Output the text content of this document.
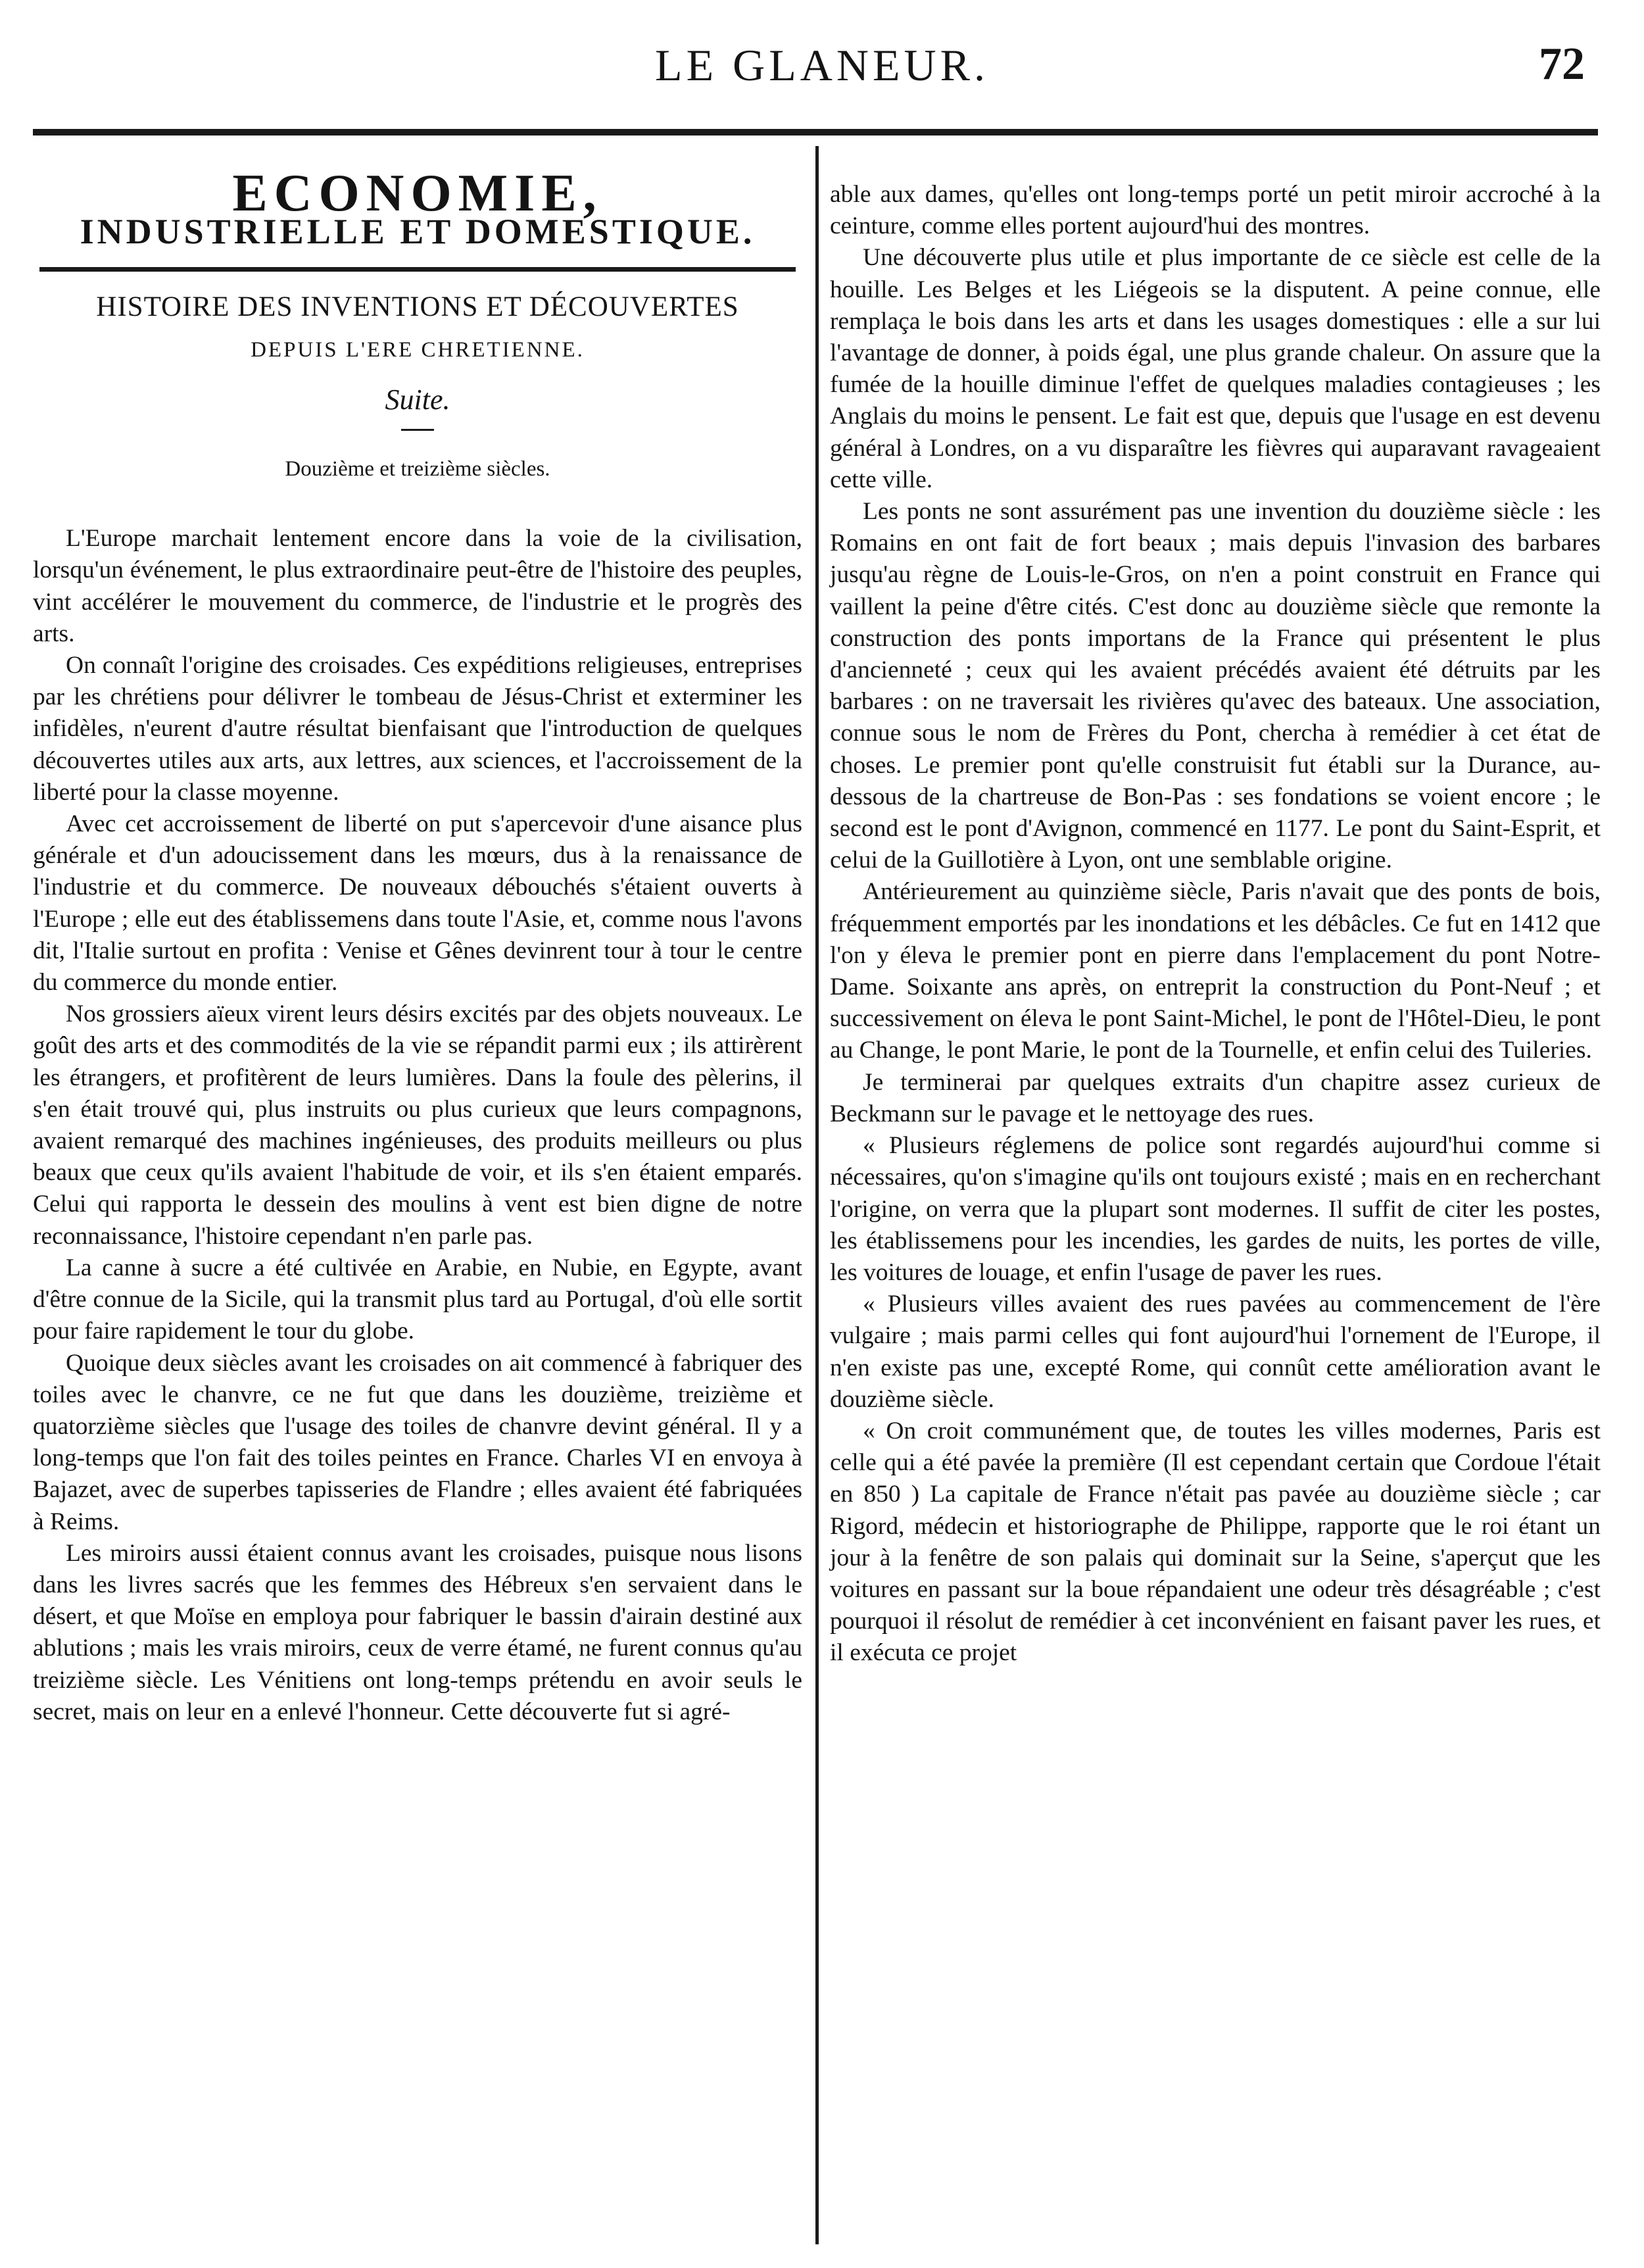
LE GLANEUR.	72
ECONOMIE,
INDUSTRIELLE ET DOMESTIQUE.
HISTOIRE DES INVENTIONS ET DÉCOUVERTES
DEPUIS L'ERE CHRETIENNE.
Suite.
Douzième et treizième siècles.

L'Europe marchait lentement encore dans la voie de la civilisation, lorsqu'un événement, le plus extraordinaire peut-être de l'histoire des peuples, vint accélérer le mouvement du commerce, de l'industrie et le progrès des arts.

On connaît l'origine des croisades. Ces expéditions religieuses, entreprises par les chrétiens pour délivrer le tombeau de Jésus-Christ et exterminer les infidèles, n'eurent d'autre résultat bienfaisant que l'introduction de quelques découvertes utiles aux arts, aux lettres, aux sciences, et l'accroissement de la liberté pour la classe moyenne.

Avec cet accroissement de liberté on put s'apercevoir d'une aisance plus générale et d'un adoucissement dans les mœurs, dus à la renaissance de l'industrie et du commerce. De nouveaux débouchés s'étaient ouverts à l'Europe ; elle eut des établissemens dans toute l'Asie, et, comme nous l'avons dit, l'Italie surtout en profita : Venise et Gênes devinrent tour à tour le centre du commerce du monde entier.

Nos grossiers aïeux virent leurs désirs excités par des objets nouveaux. Le goût des arts et des commodités de la vie se répandit parmi eux ; ils attirèrent les étrangers, et profitèrent de leurs lumières. Dans la foule des pèlerins, il s'en était trouvé qui, plus instruits ou plus curieux que leurs compagnons, avaient remarqué des machines ingénieuses, des produits meilleurs ou plus beaux que ceux qu'ils avaient l'habitude de voir, et ils s'en étaient emparés. Celui qui rapporta le dessein des moulins à vent est bien digne de notre reconnaissance, l'histoire cependant n'en parle pas.

La canne à sucre a été cultivée en Arabie, en Nubie, en Egypte, avant d'être connue de la Sicile, qui la transmit plus tard au Portugal, d'où elle sortit pour faire rapidement le tour du globe.

Quoique deux siècles avant les croisades on ait commencé à fabriquer des toiles avec le chanvre, ce ne fut que dans les douzième, treizième et quatorzième siècles que l'usage des toiles de chanvre devint général. Il y a long-temps que l'on fait des toiles peintes en France. Charles VI en envoya à Bajazet, avec de superbes tapisseries de Flandre ; elles avaient été fabriquées à Reims.

Les miroirs aussi étaient connus avant les croisades, puisque nous lisons dans les livres sacrés que les femmes des Hébreux s'en servaient dans le désert, et que Moïse en employa pour fabriquer le bassin d'airain destiné aux ablutions ; mais les vrais miroirs, ceux de verre étamé, ne furent connus qu'au treizième siècle. Les Vénitiens ont long-temps prétendu en avoir seuls le secret, mais on leur en a enlevé l'honneur. Cette découverte fut si agré-

able aux dames, qu'elles ont long-temps porté un petit miroir accroché à la ceinture, comme elles portent aujourd'hui des montres.

Une découverte plus utile et plus importante de ce siècle est celle de la houille. Les Belges et les Liégeois se la disputent. A peine connue, elle remplaça le bois dans les arts et dans les usages domestiques : elle a sur lui l'avantage de donner, à poids égal, une plus grande chaleur. On assure que la fumée de la houille diminue l'effet de quelques maladies contagieuses ; les Anglais du moins le pensent. Le fait est que, depuis que l'usage en est devenu général à Londres, on a vu disparaître les fièvres qui auparavant ravageaient cette ville.

Les ponts ne sont assurément pas une invention du douzième siècle : les Romains en ont fait de fort beaux ; mais depuis l'invasion des barbares jusqu'au règne de Louis-le-Gros, on n'en a point construit en France qui vaillent la peine d'être cités. C'est donc au douzième siècle que remonte la construction des ponts importans de la France qui présentent le plus d'ancienneté ; ceux qui les avaient précédés avaient été détruits par les barbares : on ne traversait les rivières qu'avec des bateaux. Une association, connue sous le nom de Frères du Pont, chercha à remédier à cet état de choses. Le premier pont qu'elle construisit fut établi sur la Durance, au-dessous de la chartreuse de Bon-Pas : ses fondations se voient encore ; le second est le pont d'Avignon, commencé en 1177. Le pont du Saint-Esprit, et celui de la Guillotière à Lyon, ont une semblable origine.

Antérieurement au quinzième siècle, Paris n'avait que des ponts de bois, fréquemment emportés par les inondations et les débâcles. Ce fut en 1412 que l'on y éleva le premier pont en pierre dans l'emplacement du pont Notre-Dame. Soixante ans après, on entreprit la construction du Pont-Neuf ; et successivement on éleva le pont Saint-Michel, le pont de l'Hôtel-Dieu, le pont au Change, le pont Marie, le pont de la Tournelle, et enfin celui des Tuileries.

Je terminerai par quelques extraits d'un chapitre assez curieux de Beckmann sur le pavage et le nettoyage des rues.

« Plusieurs réglemens de police sont regardés aujourd'hui comme si nécessaires, qu'on s'imagine qu'ils ont toujours existé ; mais en en recherchant l'origine, on verra que la plupart sont modernes. Il suffit de citer les postes, les établissemens pour les incendies, les gardes de nuits, les portes de ville, les voitures de louage, et enfin l'usage de paver les rues.

« Plusieurs villes avaient des rues pavées au commencement de l'ère vulgaire ; mais parmi celles qui font aujourd'hui l'ornement de l'Europe, il n'en existe pas une, excepté Rome, qui connût cette amélioration avant le douzième siècle.

« On croit communément que, de toutes les villes modernes, Paris est celle qui a été pavée la première (Il est cependant certain que Cordoue l'était en 850 ) La capitale de France n'était pas pavée au douzième siècle ; car Rigord, médecin et historiographe de Philippe, rapporte que le roi étant un jour à la fenêtre de son palais qui dominait sur la Seine, s'aperçut que les voitures en passant sur la boue répandaient une odeur très désagréable ; c'est pourquoi il résolut de remédier à cet inconvénient en faisant paver les rues, et il exécuta ce projet
